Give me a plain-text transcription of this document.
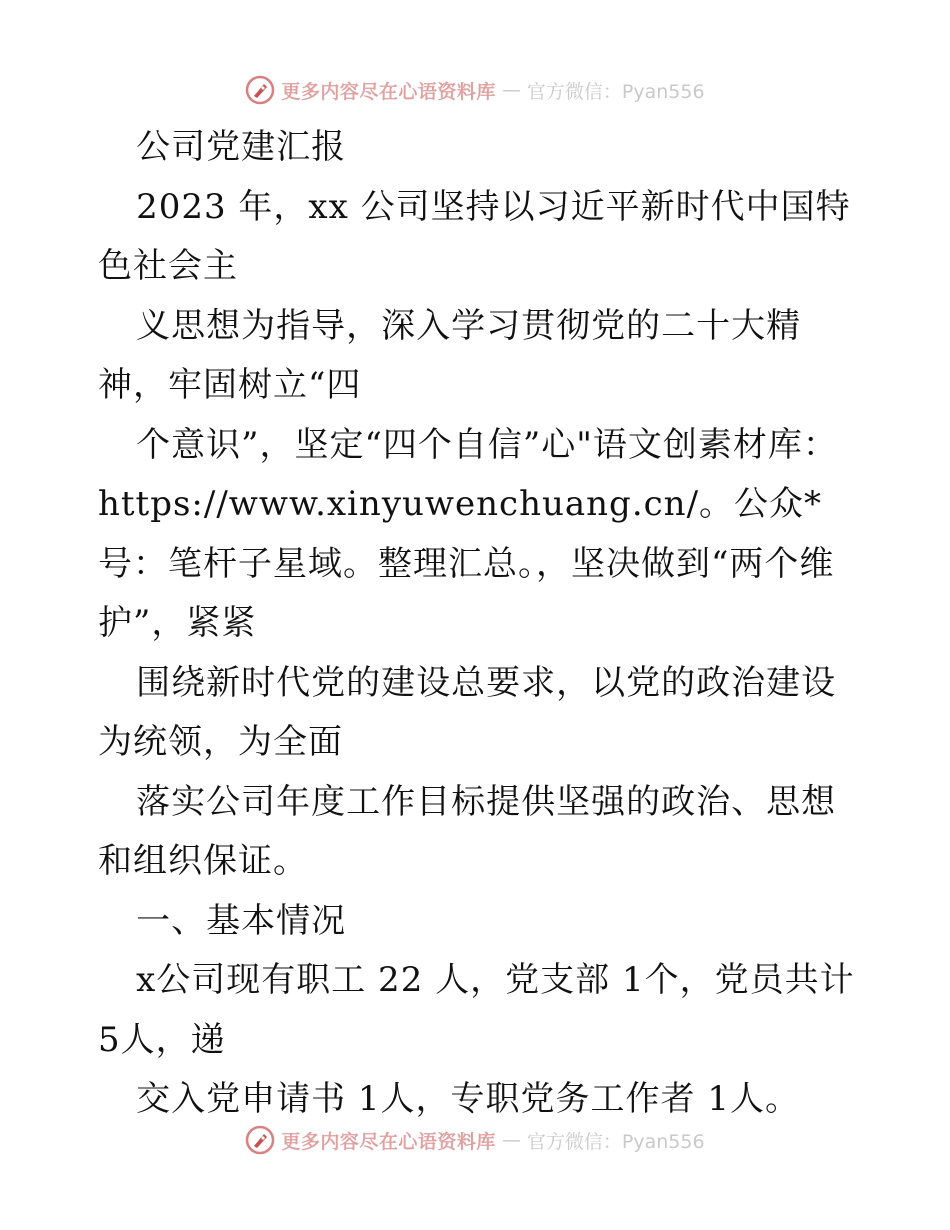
更多内容尽在心语资料库 — 官方微信：Pyan556

公司党建汇报

2023 年，xx 公司坚持以习近平新时代中国特色社会主

义思想为指导，深入学习贯彻党的二十大精神，牢固树立“四

个意识”，坚定“四个自信”心"语文创素材库：https://www.xinyuwenchuang.cn/。公众*号：笔杆子星域。整理汇总。，坚决做到“两个维护”，紧紧

围绕新时代党的建设总要求，以党的政治建设为统领，为全面

落实公司年度工作目标提供坚强的政治、思想和组织保证。

一、基本情况

x公司现有职工 22 人，党支部 1个，党员共计5人，递

交入党申请书 1人，专职党务工作者 1人。

更多内容尽在心语资料库 — 官方微信：Pyan556
